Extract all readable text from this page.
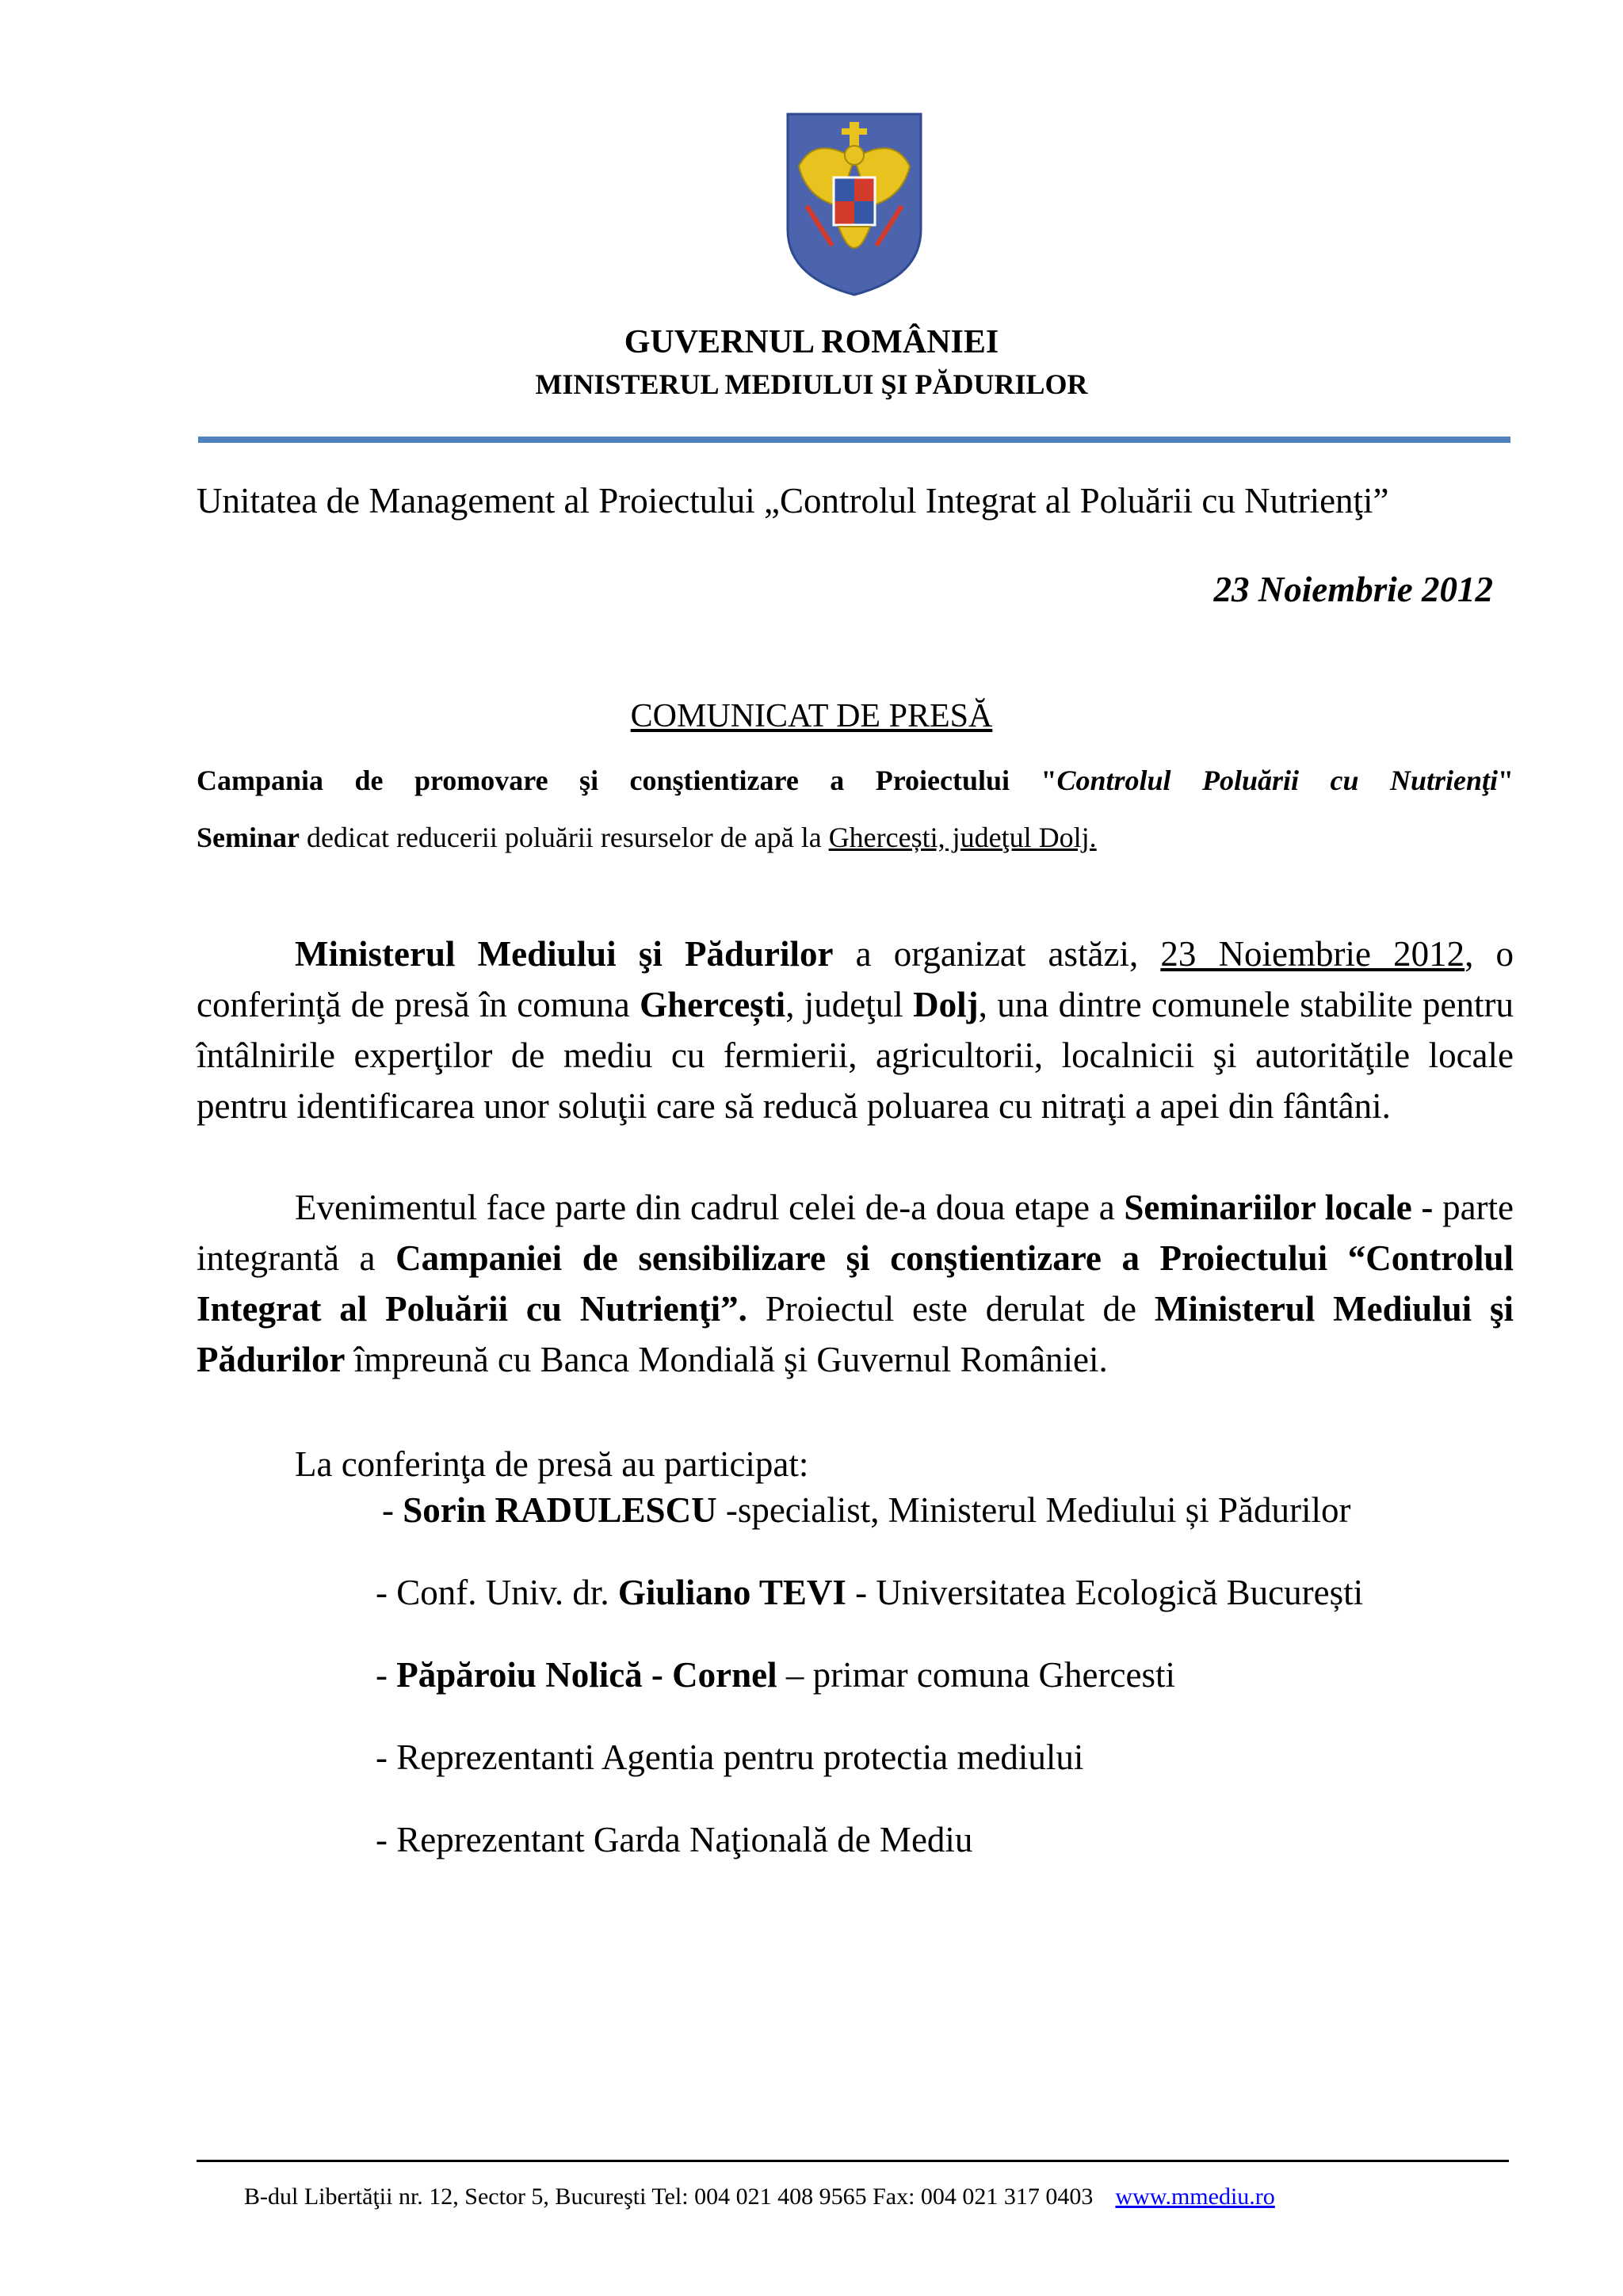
GUVERNUL ROMÂNIEI
MINISTERUL MEDIULUI ŞI PĂDURILOR
Unitatea de Management al Proiectului „Controlul Integrat al Poluării cu Nutrienţi”
23 Noiembrie 2012
COMUNICAT DE PRESĂ
Campania de promovare şi conştientizare a Proiectului "Controlul Poluării cu Nutrienţi"
Seminar dedicat reducerii poluării resurselor de apă la Ghercești, judeţul Dolj.
Ministerul Mediului şi Pădurilor a organizat astăzi, 23 Noiembrie 2012, o conferinţă de presă în comuna Ghercești, judeţul Dolj, una dintre comunele stabilite pentru întâlnirile experţilor de mediu cu fermierii, agricultorii, localnicii şi autorităţile locale pentru identificarea unor soluţii care să reducă poluarea cu nitraţi a apei din fântâni.
Evenimentul face parte din cadrul celei de-a doua etape a Seminariilor locale - parte integrantă a Campaniei de sensibilizare şi conştientizare a Proiectului “Controlul Integrat al Poluării cu Nutrienţi”. Proiectul este derulat de Ministerul Mediului şi Pădurilor împreună cu Banca Mondială şi Guvernul României.
La conferinţa de presă au participat:
- Sorin RADULESCU -specialist, Ministerul Mediului și Pădurilor
- Conf. Univ. dr. Giuliano TEVI - Universitatea Ecologică București
- Păpăroiu Nolică - Cornel – primar comuna Ghercesti
- Reprezentanti Agentia pentru protectia mediului
- Reprezentant Garda Naţională de Mediu
B-dul Libertăţii nr. 12, Sector 5, Bucureşti Tel: 004 021 408 9565 Fax: 004 021 317 0403 www.mmediu.ro
